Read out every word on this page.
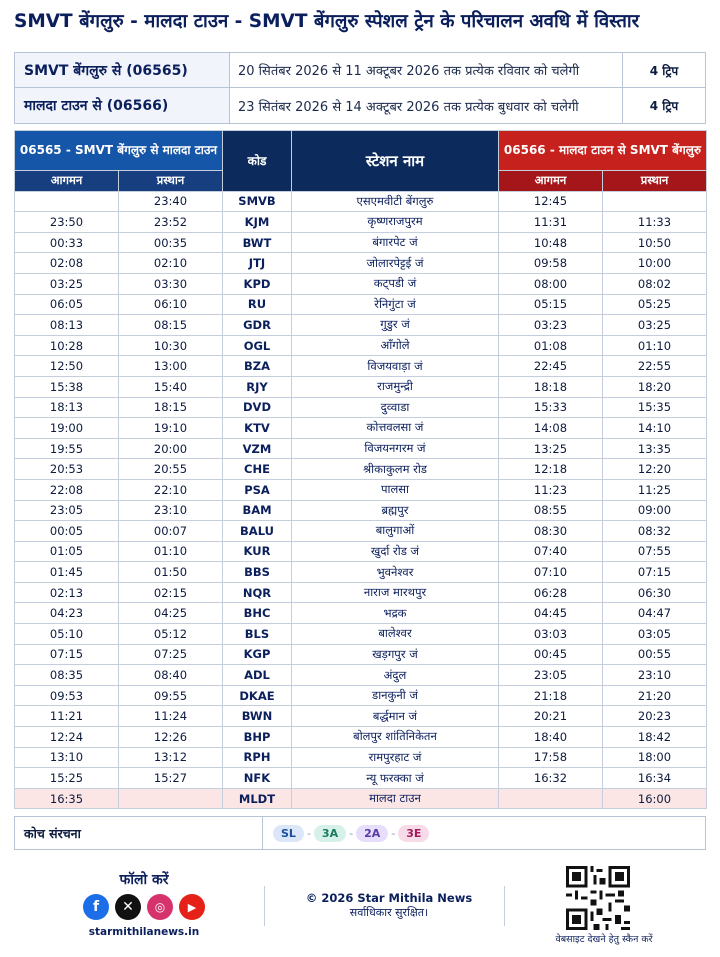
SMVT बेंगलुरु - मालदा टाउन - SMVT बेंगलुरु स्पेशल ट्रेन के परिचालन अवधि में विस्तार
SMVT बेंगलुरु से (06565)	20 सितंबर 2026 से 11 अक्टूबर 2026 तक प्रत्येक रविवार को चलेगी	4 ट्रिप
मालदा टाउन से (06566)	23 सितंबर 2026 से 14 अक्टूबर 2026 तक प्रत्येक बुधवार को चलेगी	4 ट्रिप
06565 - SMVT बेंगलुरु से मालदा टाउन		कोड	स्टेशन नाम	06566 - मालदा टाउन से SMVT बेंगलुरु	
आगमन	प्रस्थान			आगमन	प्रस्थान
	23:40	SMVB	एसएमवीटी बेंगलुरु	12:45	
23:50	23:52	KJM	कृष्णराजपुरम	11:31	11:33
00:33	00:35	BWT	बंगारपेट जं	10:48	10:50
02:08	02:10	JTJ	जोलारपेट्टई जं	09:58	10:00
03:25	03:30	KPD	कट्पडी जं	08:00	08:02
06:05	06:10	RU	रेनिगुंटा जं	05:15	05:25
08:13	08:15	GDR	गुडुर जं	03:23	03:25
10:28	10:30	OGL	ऑंगोले	01:08	01:10
12:50	13:00	BZA	विजयवाड़ा जं	22:45	22:55
15:38	15:40	RJY	राजमुन्द्री	18:18	18:20
18:13	18:15	DVD	दुव्वाडा	15:33	15:35
19:00	19:10	KTV	कोत्तवलसा जं	14:08	14:10
19:55	20:00	VZM	विजयनगरम जं	13:25	13:35
20:53	20:55	CHE	श्रीकाकुलम रोड	12:18	12:20
22:08	22:10	PSA	पालसा	11:23	11:25
23:05	23:10	BAM	ब्रह्मपुर	08:55	09:00
00:05	00:07	BALU	बालुगाओं	08:30	08:32
01:05	01:10	KUR	खुर्दा रोड जं	07:40	07:55
01:45	01:50	BBS	भुवनेश्वर	07:10	07:15
02:13	02:15	NQR	नाराज मारथपुर	06:28	06:30
04:23	04:25	BHC	भद्रक	04:45	04:47
05:10	05:12	BLS	बालेश्वर	03:03	03:05
07:15	07:25	KGP	खड़गपुर जं	00:45	00:55
08:35	08:40	ADL	अंदुल	23:05	23:10
09:53	09:55	DKAE	डानकुनी जं	21:18	21:20
11:21	11:24	BWN	बर्द्धमान जं	20:21	20:23
12:24	12:26	BHP	बोलपुर शांतिनिकेतन	18:40	18:42
13:10	13:12	RPH	रामपुरहाट जं	17:58	18:00
15:25	15:27	NFK	न्यू फरक्का जं	16:32	16:34
16:35		MLDT	मालदा टाउन		16:00
कोच संरचना	SL	-	3A	-	2A	-	3E
फॉलो करें
f	✕	◎	▶
starmithilanews.in
© 2026 Star Mithila News
सर्वाधिकार सुरक्षित।
वेबसाइट देखने हेतु स्कैन करें
